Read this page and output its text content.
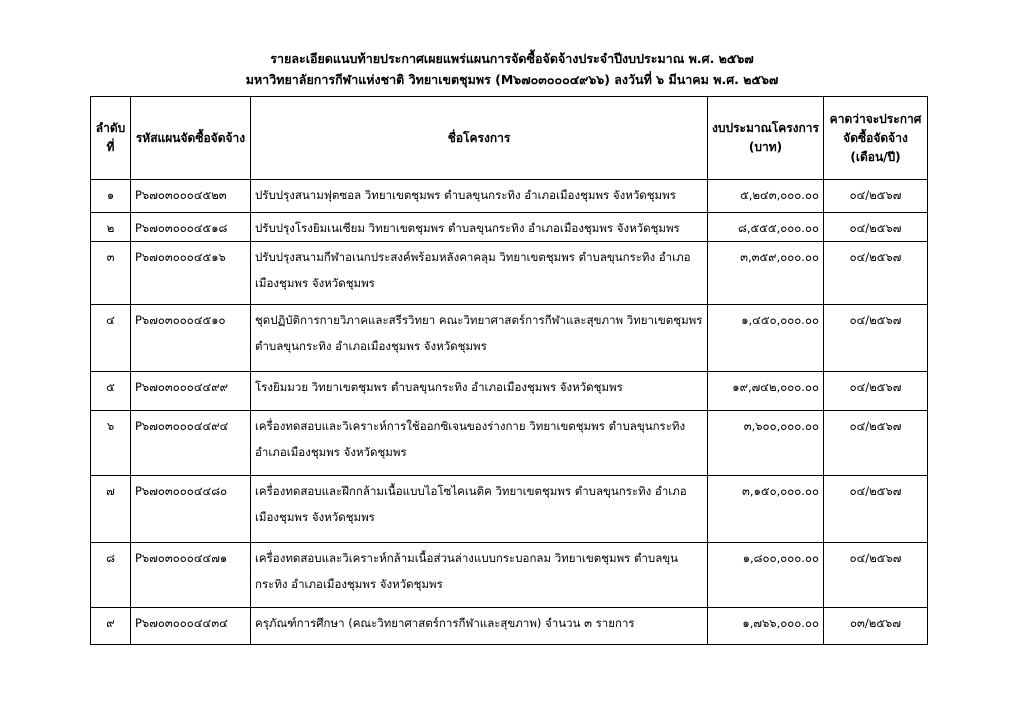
รายละเอียดแนบท้ายประกาศเผยแพร่แผนการจัดซื้อจัดจ้างประจำปีงบประมาณ พ.ศ. ๒๕๖๗
มหาวิทยาลัยการกีฬาแห่งชาติ วิทยาเขตชุมพร (M๖๗๐๓๐๐๐๔๙๖๖) ลงวันที่ ๖ มีนาคม พ.ศ. ๒๕๖๗
ลำดับที่	รหัสแผนจัดซื้อจัดจ้าง	ชื่อโครงการ	งบประมาณโครงการ (บาท)	คาดว่าจะประกาศจัดซื้อจัดจ้าง (เดือน/ปี)
๑	P๖๗๐๓๐๐๐๔๕๒๓	ปรับปรุงสนามฟุตซอล วิทยาเขตชุมพร ตำบลขุนกระทิง อำเภอเมืองชุมพร จังหวัดชุมพร	๕,๒๔๓,๐๐๐.๐๐	๐๔/๒๕๖๗
๒	P๖๗๐๓๐๐๐๔๕๑๘	ปรับปรุงโรงยิมเนเซียม วิทยาเขตชุมพร ตำบลขุนกระทิง อำเภอเมืองชุมพร จังหวัดชุมพร	๘,๕๕๕,๐๐๐.๐๐	๐๔/๒๕๖๗
๓	P๖๗๐๓๐๐๐๔๕๑๖	ปรับปรุงสนามกีฬาอเนกประสงค์พร้อมหลังคาคลุม วิทยาเขตชุมพร ตำบลขุนกระทิง อำเภอเมืองชุมพร จังหวัดชุมพร	๓,๓๕๙,๐๐๐.๐๐	๐๔/๒๕๖๗
๔	P๖๗๐๓๐๐๐๔๕๑๐	ชุดปฏิบัติการกายวิภาคและสรีรวิทยา คณะวิทยาศาสตร์การกีฬาและสุขภาพ วิทยาเขตชุมพร ตำบลขุนกระทิง อำเภอเมืองชุมพร จังหวัดชุมพร	๑,๔๕๐,๐๐๐.๐๐	๐๔/๒๕๖๗
๕	P๖๗๐๓๐๐๐๔๔๙๙	โรงยิมมวย วิทยาเขตชุมพร ตำบลขุนกระทิง อำเภอเมืองชุมพร จังหวัดชุมพร	๑๙,๗๔๒,๐๐๐.๐๐	๐๔/๒๕๖๗
๖	P๖๗๐๓๐๐๐๔๔๙๔	เครื่องทดสอบและวิเคราะห์การใช้ออกซิเจนของร่างกาย วิทยาเขตชุมพร ตำบลขุนกระทิง อำเภอเมืองชุมพร จังหวัดชุมพร	๓,๖๐๐,๐๐๐.๐๐	๐๔/๒๕๖๗
๗	P๖๗๐๓๐๐๐๔๔๘๐	เครื่องทดสอบและฝึกกล้ามเนื้อแบบไอโซไคเนติค วิทยาเขตชุมพร ตำบลขุนกระทิง อำเภอเมืองชุมพร จังหวัดชุมพร	๓,๑๕๐,๐๐๐.๐๐	๐๔/๒๕๖๗
๘	P๖๗๐๓๐๐๐๔๔๗๑	เครื่องทดสอบและวิเคราะห์กล้ามเนื้อส่วนล่างแบบกระบอกลม วิทยาเขตชุมพร ตำบลขุนกระทิง อำเภอเมืองชุมพร จังหวัดชุมพร	๑,๘๐๐,๐๐๐.๐๐	๐๔/๒๕๖๗
๙	P๖๗๐๓๐๐๐๔๔๓๔	ครุภัณฑ์การศึกษา (คณะวิทยาศาสตร์การกีฬาและสุขภาพ) จำนวน ๓ รายการ	๑,๗๖๖,๐๐๐.๐๐	๐๓/๒๕๖๗
